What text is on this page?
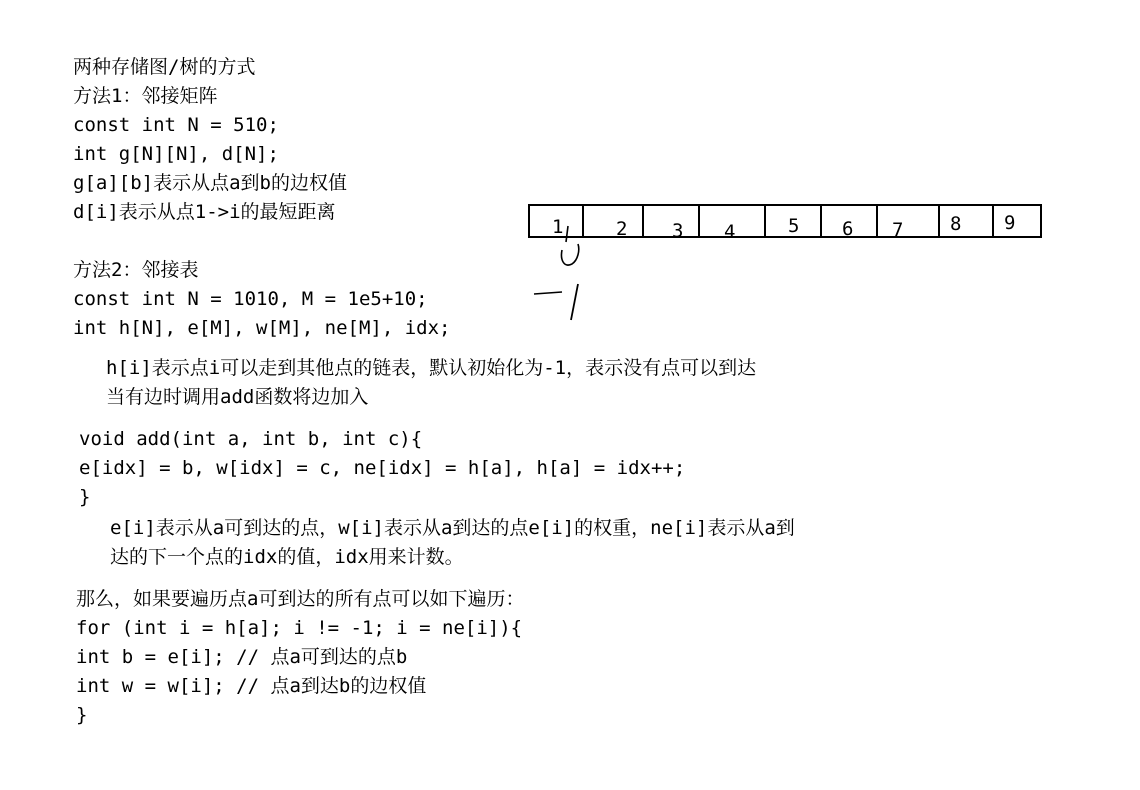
两种存储图/树的方式
方法1：邻接矩阵
const int N = 510;
int g[N][N], d[N];
g[a][b]表示从点a到b的边权值
d[i]表示从点1->i的最短距离
方法2：邻接表
const int N = 1010, M = 1e5+10;
int h[N], e[M], w[M], ne[M], idx;
h[i]表示点i可以走到其他点的链表，默认初始化为-1，表示没有点可以到达
当有边时调用add函数将边加入
void add(int a, int b, int c){
e[idx] = b, w[idx] = c, ne[idx] = h[a], h[a] = idx++;
}
e[i]表示从a可到达的点，w[i]表示从a到达的点e[i]的权重，ne[i]表示从a到
达的下一个点的idx的值，idx用来计数。
那么，如果要遍历点a可到达的所有点可以如下遍历：
for (int i = h[a]; i != -1; i = ne[i]){
int b = e[i]; // 点a可到达的点b
int w = w[i]; // 点a到达b的边权值
}
1	2 3 4	5 6 7 8 9
